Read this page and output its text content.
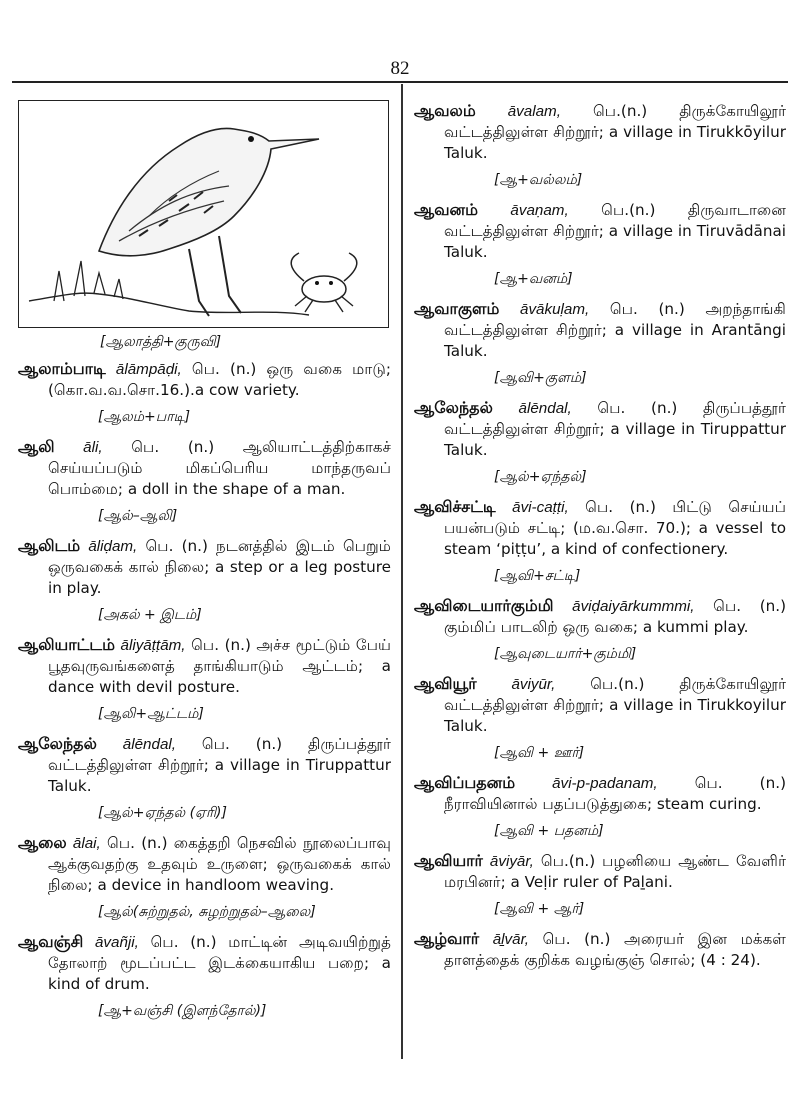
82
[ஆலாத்தி+குருவி]

ஆலாம்பாடி ālāmpāḍi, பெ. (n.) ஒரு வகை மாடு; (கொ.வ.வ.சொ.16.).a cow variety.

[ஆலம்+பாடி]

ஆலி āli, பெ. (n.) ஆலியாட்டத்திற்காகச் செய்யப்படும் மிகப்பெரிய மாந்தருவப் பொம்மை; a doll in the shape of a man.

[ஆல்–ஆலி]

ஆலிடம் āliḍam, பெ. (n.) நடனத்தில் இடம் பெறும் ஒருவகைக் கால் நிலை; a step or a leg posture in play.

[அகல் + இடம்]

ஆலியாட்டம் āliyāṭṭām, பெ. (n.) அச்ச மூட்டும் பேய் பூதவுருவங்களைத் தாங்கியாடும் ஆட்டம்; a dance with devil posture.

[ஆலி+ஆட்டம்]

ஆலேந்தல் ālēndal, பெ. (n.) திருப்பத்தூர் வட்டத்திலுள்ள சிற்றூர்; a village in Tiruppattur Taluk.

[ஆல்+ஏந்தல் (ஏரி)]

ஆலை ālai, பெ. (n.) கைத்தறி நெசவில் நூலைப்பாவு ஆக்குவதற்கு உதவும் உருளை; ஒருவகைக் கால் நிலை; a device in handloom weaving.

[ஆல்(சுற்றுதல், சுழற்றுதல்–ஆலை]

ஆவஞ்சி āvañji, பெ. (n.) மாட்டின் அடிவயிற்றுத் தோலாற் மூடப்பட்ட இடக்கையாகிய பறை; a kind of drum.

[ஆ+வஞ்சி (இளந்தோல்)]

ஆவலம் āvalam, பெ.(n.) திருக்கோயிலூர் வட்டத்திலுள்ள சிற்றூர்; a village in Tirukkōyilur Taluk.

[ஆ+வல்லம்]

ஆவனம் āvaṇam, பெ.(n.) திருவாடானை வட்டத்திலுள்ள சிற்றூர்; a village in Tiruvādānai Taluk.

[ஆ+வனம்]

ஆவாகுளம் āvākuḷam, பெ. (n.) அறந்தாங்கி வட்டத்திலுள்ள சிற்றூர்; a village in Arantāngi Taluk.

[ஆவி+குளம்]

ஆலேந்தல் ālēndal, பெ. (n.) திருப்பத்தூர் வட்டத்திலுள்ள சிற்றூர்; a village in Tiruppattur Taluk.

[ஆல்+ஏந்தல்]

ஆவிச்சட்டி āvi-caṭṭi, பெ. (n.) பிட்டு செய்யப் பயன்படும் சட்டி; (ம.வ.சொ. 70.); a vessel to steam ‘piṭṭu’, a kind of confectionery.

[ஆவி+சட்டி]

ஆவிடையார்கும்மி āviḍaiyārkummmi, பெ. (n.) கும்மிப் பாடலிற் ஒரு வகை; a kummi play.

[ஆவுடையார்+கும்மி]

ஆவியூர் āviyūr, பெ.(n.) திருக்கோயிலூர் வட்டத்திலுள்ள சிற்றூர்; a village in Tirukkoyilur Taluk.

[ஆவி + ஊர்]

ஆவிப்பதனம் āvi-p-padanam, பெ. (n.) நீராவியினால் பதப்படுத்துகை; steam curing.

[ஆவி + பதனம்]

ஆவியார் āviyār, பெ.(n.) பழனியை ஆண்ட வேளிர் மரபினர்; a Veḷir ruler of Paḻani.

[ஆவி + ஆர்]

ஆழ்வார் āḻvār, பெ. (n.) அரையர் இன மக்கள் தாளத்தைக் குறிக்க வழங்குஞ் சொல்; (4 : 24).
